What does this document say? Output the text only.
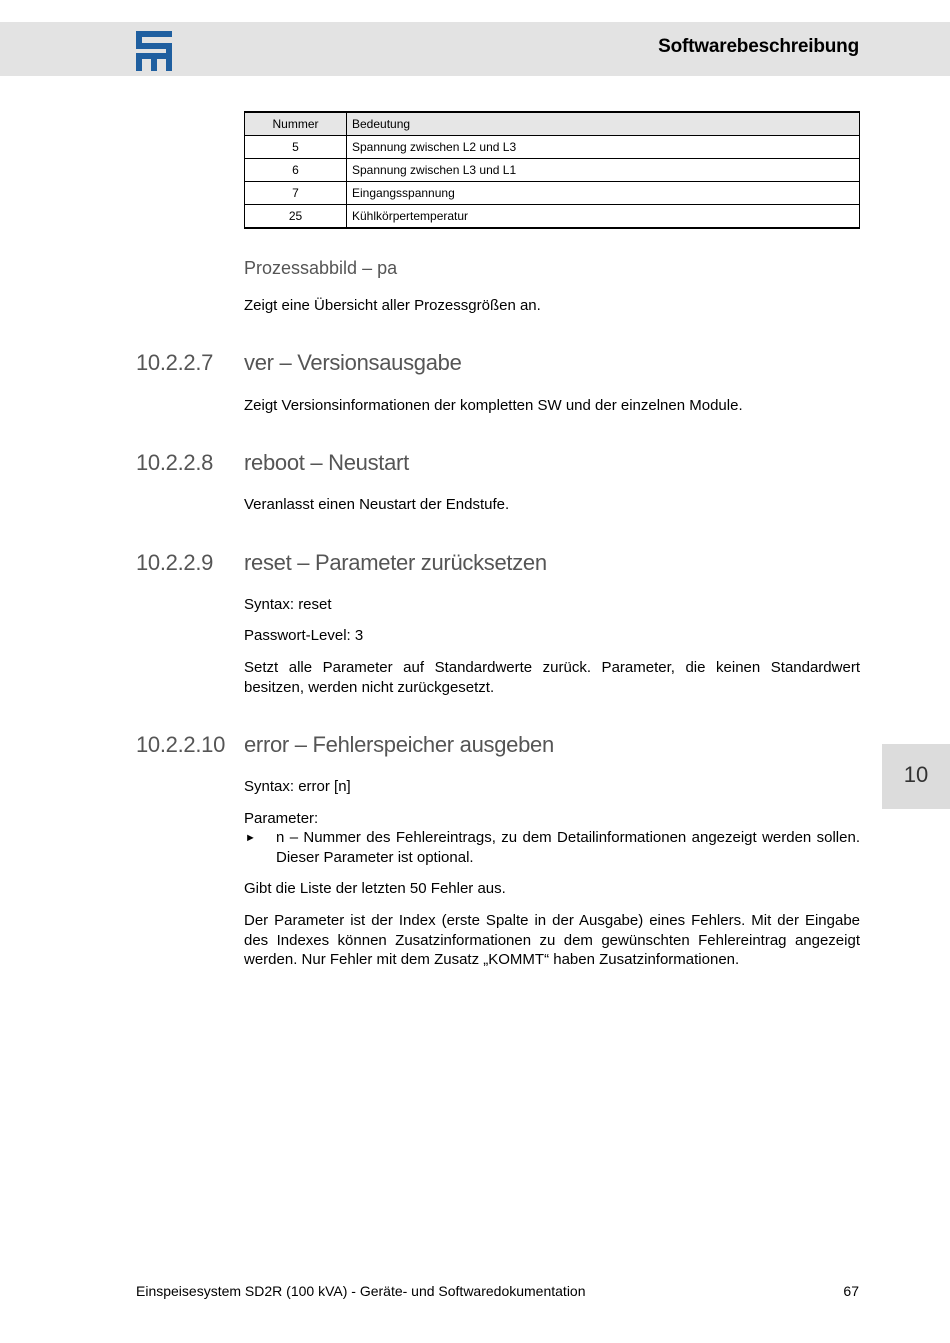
Softwarebeschreibung
Nummer	Bedeutung
5	Spannung zwischen L2 und L3
6	Spannung zwischen L3 und L1
7	Eingangsspannung
25	Kühlkörpertemperatur
Prozessabbild – pa
Zeigt eine Übersicht aller Prozessgrößen an.
10.2.2.7 ver – Versionsausgabe
Zeigt Versionsinformationen der kompletten SW und der einzelnen Module.
10.2.2.8 reboot – Neustart
Veranlasst einen Neustart der Endstufe.
10.2.2.9 reset – Parameter zurücksetzen
Syntax: reset
Passwort-Level: 3
Setzt alle Parameter auf Standardwerte zurück. Parameter, die keinen Standardwert besitzen, werden nicht zurückgesetzt.
10.2.2.10 error – Fehlerspeicher ausgeben
Syntax: error [n]
Parameter:
► n – Nummer des Fehlereintrags, zu dem Detailinformationen angezeigt werden sollen. Dieser Parameter ist optional.
Gibt die Liste der letzten 50 Fehler aus.
Der Parameter ist der Index (erste Spalte in der Ausgabe) eines Fehlers. Mit der Eingabe des Indexes können Zusatzinformationen zu dem gewünschten Fehlereintrag angezeigt werden. Nur Fehler mit dem Zusatz „KOMMT“ haben Zusatzinformationen.
10
Einspeisesystem SD2R (100 kVA) - Geräte- und Softwaredokumentation	67
